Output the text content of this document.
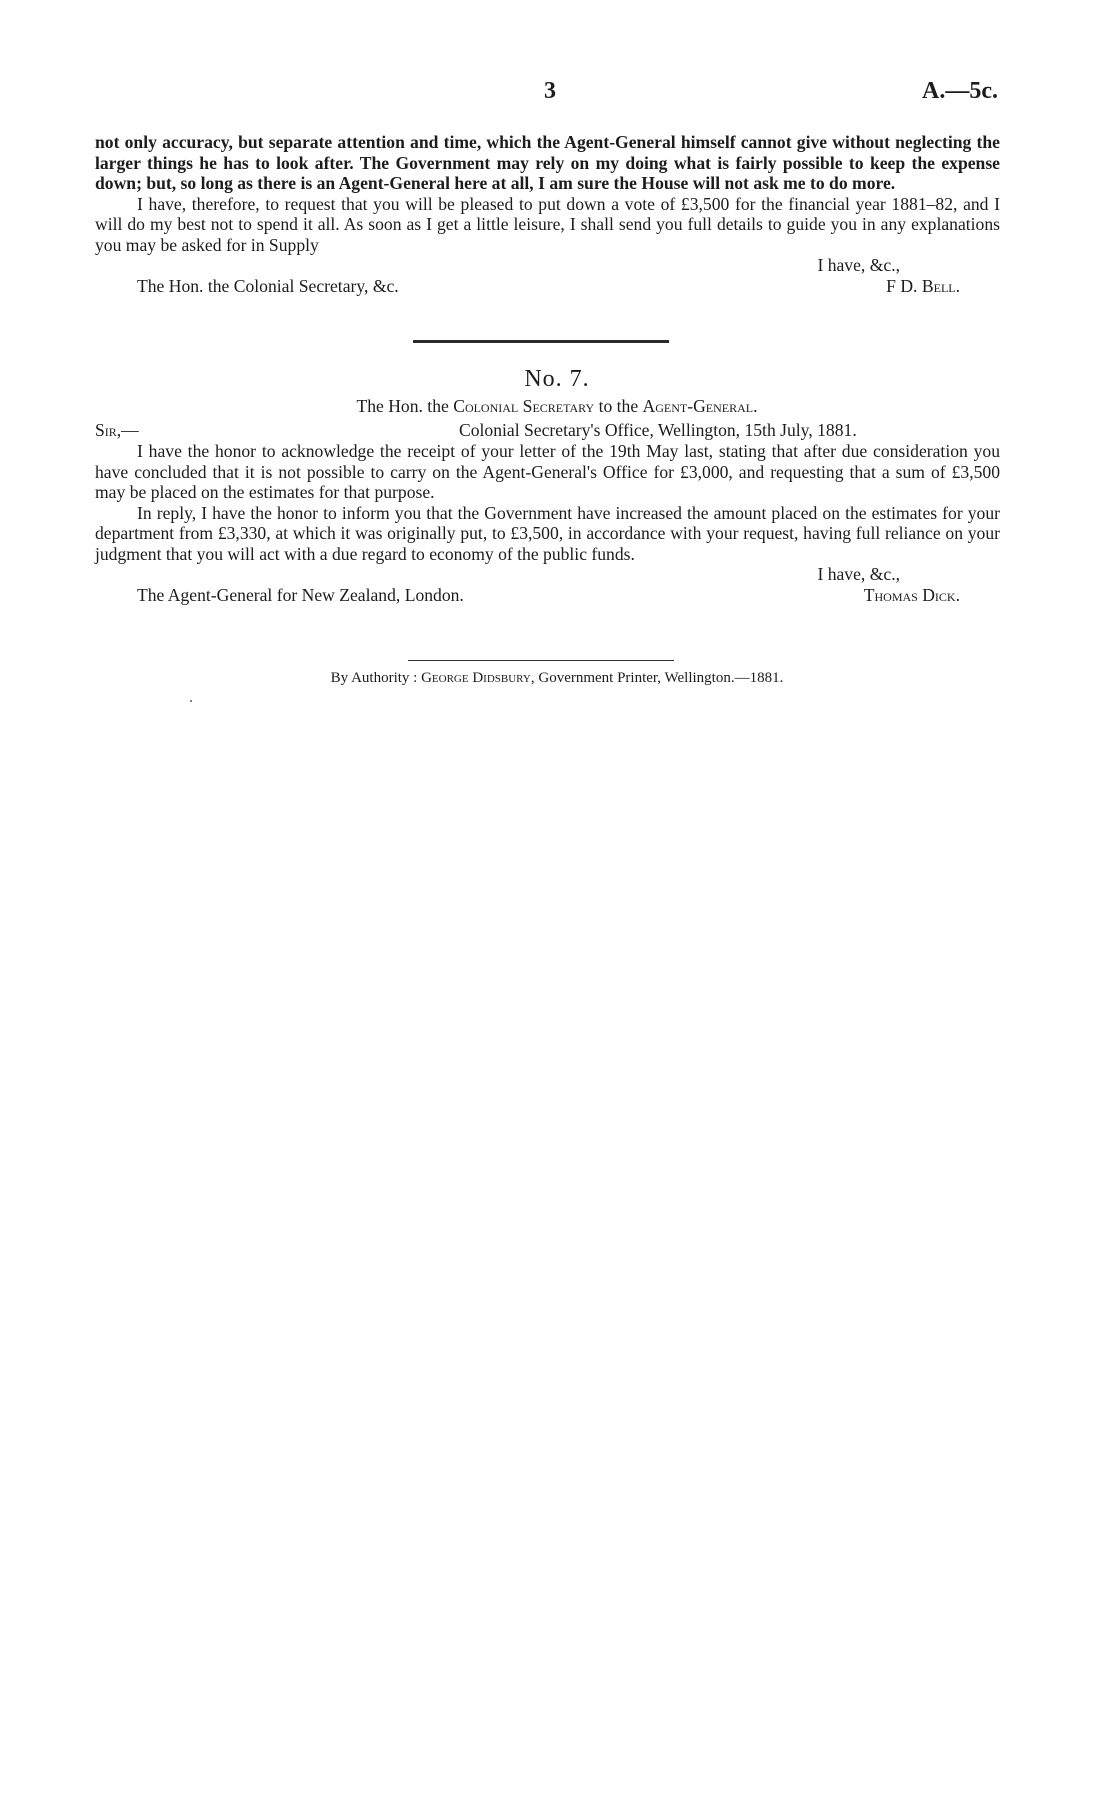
3	A.—5c.

not only accuracy, but separate attention and time, which the Agent-General himself cannot give without neglecting the larger things he has to look after. The Government may rely on my doing what is fairly possible to keep the expense down; but, so long as there is an Agent-General here at all, I am sure the House will not ask me to do more.

I have, therefore, to request that you will be pleased to put down a vote of £3,500 for the financial year 1881–82, and I will do my best not to spend it all. As soon as I get a little leisure, I shall send you full details to guide you in any explanations you may be asked for in Supply

I have, &c.,
The Hon. the Colonial Secretary, &c.	F D. Bell.
No. 7.
The Hon. the Colonial Secretary to the Agent-General.
Sir,—	Colonial Secretary's Office, Wellington, 15th July, 1881.

I have the honor to acknowledge the receipt of your letter of the 19th May last, stating that after due consideration you have concluded that it is not possible to carry on the Agent-General's Office for £3,000, and requesting that a sum of £3,500 may be placed on the estimates for that purpose.

In reply, I have the honor to inform you that the Government have increased the amount placed on the estimates for your department from £3,330, at which it was originally put, to £3,500, in accordance with your request, having full reliance on your judgment that you will act with a due regard to economy of the public funds.

I have, &c.,
The Agent-General for New Zealand, London.	Thomas Dick.
By Authority : George Didsbury, Government Printer, Wellington.—1881.
